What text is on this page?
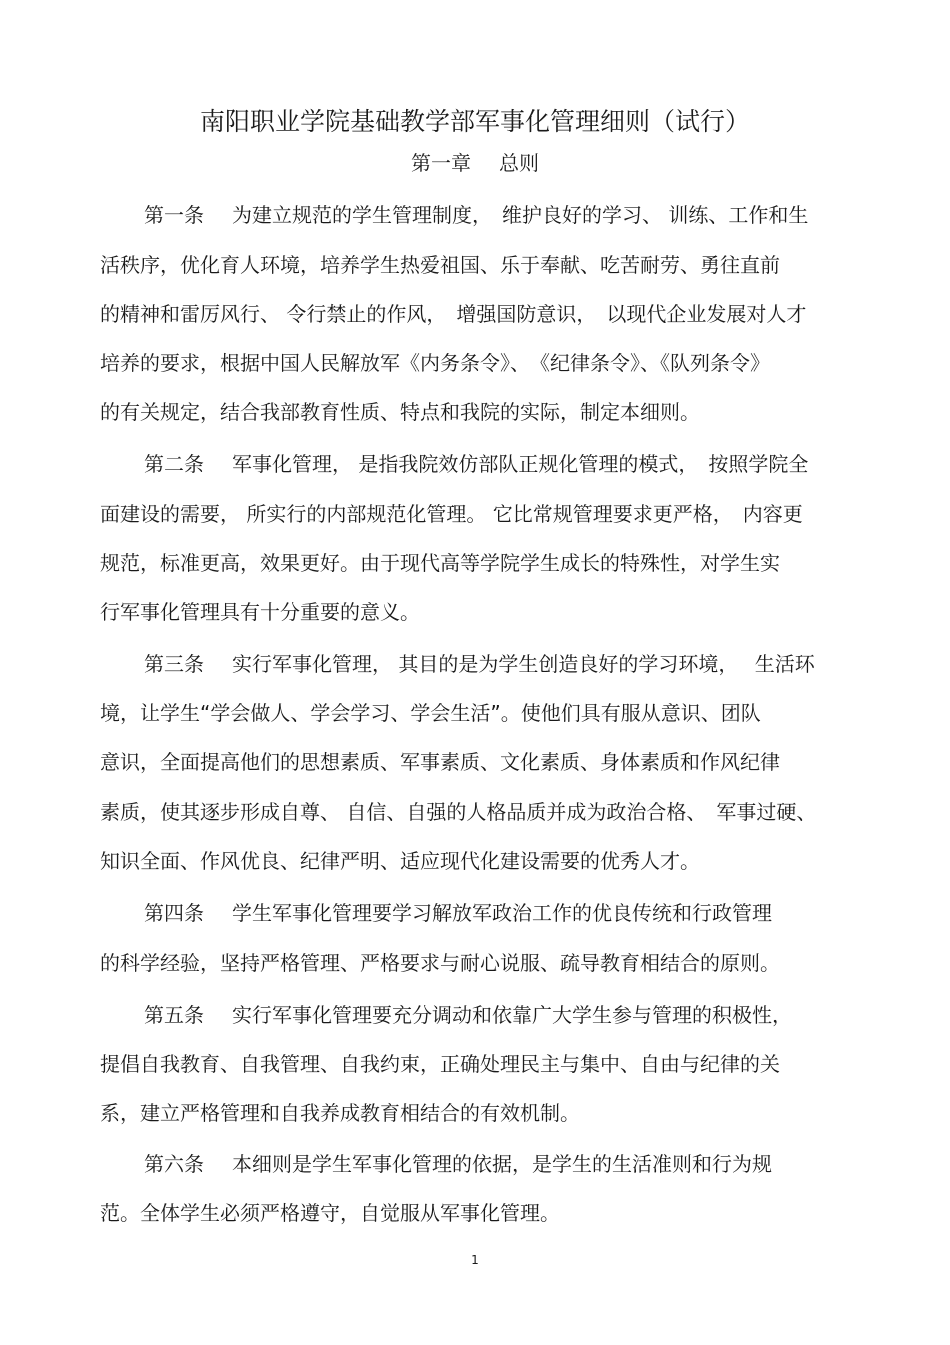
南阳职业学院基础教学部军事化管理细则（试行）
第一章 总则
第一条 为建立规范的学生管理制度，　维护良好的学习、 训练、工作和生
活秩序，优化育人环境，培养学生热爱祖国、乐于奉献、吃苦耐劳、勇往直前
的精神和雷厉风行、 令行禁止的作风，　增强国防意识，　以现代企业发展对人才
培养的要求，根据中国人民解放军《内务条令》、　《纪律条令》、《队列条令》
的有关规定，结合我部教育性质、特点和我院的实际，制定本细则。
第二条 军事化管理， 是指我院效仿部队正规化管理的模式，　按照学院全
面建设的需要， 所实行的内部规范化管理。 它比常规管理要求更严格，　内容更
规范，标准更高，效果更好。由于现代高等学院学生成长的特殊性，对学生实
行军事化管理具有十分重要的意义。
第三条 实行军事化管理， 其目的是为学生创造良好的学习环境，　 生活环
境，让学生“学会做人、学会学习、学会生活”。使他们具有服从意识、团队
意识，全面提高他们的思想素质、军事素质、文化素质、身体素质和作风纪律
素质，使其逐步形成自尊、 自信、自强的人格品质并成为政治合格、　军事过硬、
知识全面、作风优良、纪律严明、适应现代化建设需要的优秀人才。
第四条 学生军事化管理要学习解放军政治工作的优良传统和行政管理
的科学经验，坚持严格管理、严格要求与耐心说服、疏导教育相结合的原则。
第五条 实行军事化管理要充分调动和依靠广大学生参与管理的积极性，
提倡自我教育、自我管理、自我约束，正确处理民主与集中、自由与纪律的关
系，建立严格管理和自我养成教育相结合的有效机制。
第六条 本细则是学生军事化管理的依据，是学生的生活准则和行为规
范。全体学生必须严格遵守，自觉服从军事化管理。
1
